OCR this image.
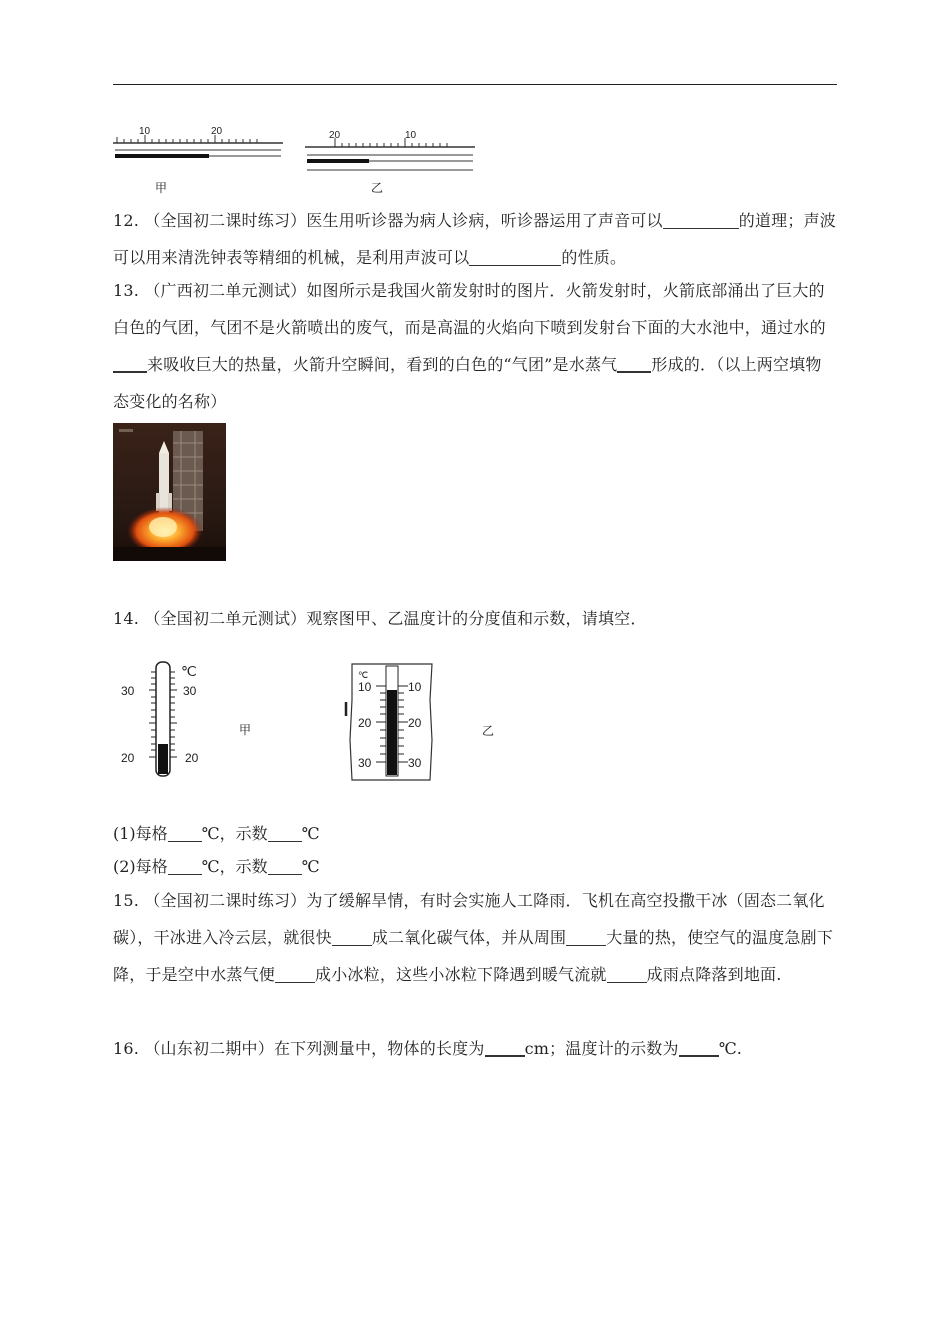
10	20
甲
20	10
乙
12. （全国初二课时练习）医生用听诊器为病人诊病，听诊器运用了声音可以	的道理；声波可以用来清洗钟表等精细的机械，是利用声波可以	的性质。
13. （广西初二单元测试）如图所示是我国火箭发射时的图片．火箭发射时，火箭底部涌出了巨大的白色的气团，气团不是火箭喷出的废气，而是高温的火焰向下喷到发射台下面的大水池中，通过水的来吸收巨大的热量，火箭升空瞬间，看到的白色的“气团”是水蒸气 形成的．（以上两空填物态变化的名称）
14. （全国初二单元测试）观察图甲、乙温度计的分度值和示数，请填空．
℃
30	30
20	20
甲
℃
10	10
20	20
30	30
乙
(1)每格 ℃，示数 ℃
(2)每格 ℃，示数 ℃
15. （全国初二课时练习）为了缓解旱情，有时会实施人工降雨．飞机在高空投撒干冰（固态二氧化碳），干冰进入冷云层，就很快	成二氧化碳气体，并从周围	大量的热，使空气的温度急剧下降，于是空中水蒸气便	成小冰粒，这些小冰粒下降遇到暖气流就	成雨点降落到地面.
16. （山东初二期中）在下列测量中，物体的长度为	cm；温度计的示数为	℃.
